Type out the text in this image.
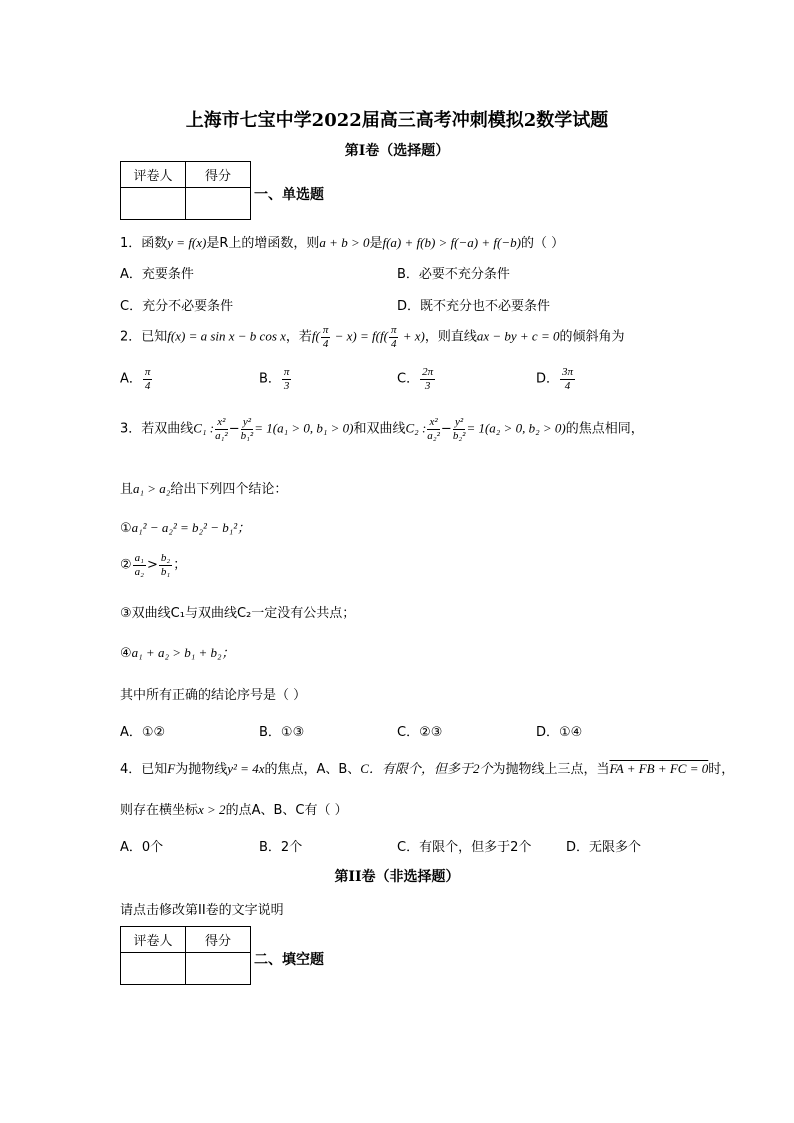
上海市七宝中学2022届高三高考冲刺模拟2数学试题
第I卷（选择题）
评卷人	得分

一、单选题
1．函数y = f(x)是R上的增函数，则a + b > 0是f(a) + f(b) > f(−a) + f(−b)的（ ）
A．充要条件	B．必要不充分条件
C．充分不必要条件	D．既不充分也不必要条件
2．已知f(x) = a sin x − b cos x，若$f( \frac{\pi}{4} - x) = f(f( \frac{\pi}{4} + x)$，则直线ax − by + c = 0的倾斜角为
A． $\frac{\pi}{4}$	B． $\frac{\pi}{3}$	C． $\frac{2\pi}{3}$	D． $\frac{3\pi}{4}$
3．若双曲线C₁ : $\frac{\text{x²}}{\text{a₁²}} - \frac{\text{y²}}{\text{b₁²}} = 1(a_1 > 0$, b₁ > 0)和双曲线C₂ : $\frac{\text{x²}}{\text{a₂²}} - \frac{\text{y²}}{\text{b₂²}} = 1(a_2 > 0$, b₂ > 0)的焦点相同，
且a₁ > a₂给出下列四个结论：
①a₁² − a₂² = b₂² − b₁²；
② $\frac{\text{a₁}}{\text{a₂}} > \frac{\text{b₂}}{\text{b₁}}$ ；
③双曲线C₁与双曲线C₂一定没有公共点；
④a₁ + a₂ > b₁ + b₂；
其中所有正确的结论序号是（ ）
A．①②	B．①③	C．②③	D．①④
4．已知F为抛物线y² = 4x的焦点，A、B、C．有限个，但多于2个为抛物线上三点，当FA + FB + FC = 0时，
则存在横坐标x > 2的点A、B、C有（ ）
A．0个	B．2个	C．有限个，但多于2个	D．无限多个
第II卷（非选择题）
请点击修改第II卷的文字说明
评卷人	得分

二、填空题
